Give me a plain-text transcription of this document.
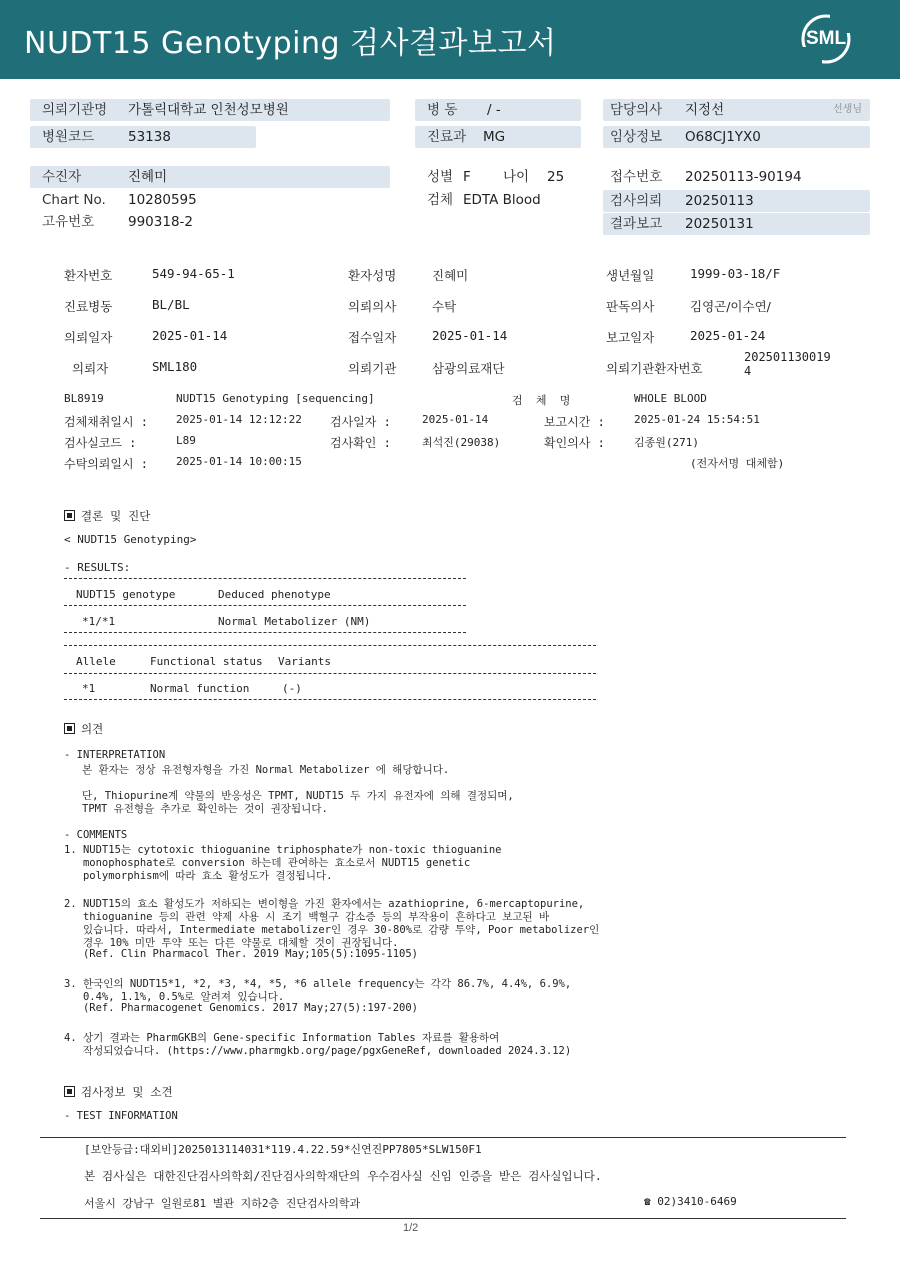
NUDT15 Genotyping 검사결과보고서	SML
의뢰기관명 가톨릭대학교 인천성모병원
병원코드	53138
병 동 / -
진료과 MG
담당의사 지정선	선생님
임상정보 O68CJ1YX0
수진자	진혜미
Chart No. 10280595
고유번호	990318-2
성별 F 나이 25
검체 EDTA Blood
접수번호 20250113-90194
검사의뢰 20250113
결과보고 20250131
환자번호	549-94-65-1	환자성명	진혜미	생년월일	1999-03-18/F
진료병동	BL/BL	의뢰의사	수탁	판독의사	김영곤/이수연/
의뢰일자	2025-01-14	접수일자	2025-01-14	보고일자	2025-01-24
의뢰자	SML180	의뢰기관	삼광의료재단	의뢰기관환자번호
202501130019
4
BL8919	NUDT15 Genotyping [sequencing]	검  체  명	WHOLE BLOOD
검체채취일시 :	2025-01-14 12:12:22 검사일자 :	2025-01-14	보고시간 :	2025-01-24 15:54:51
검사실코드 :	L89	검사확인 :	최석진(29038)	확인의사 :	김종원(271)
수탁의뢰일시 :	2025-01-14 10:00:15	(전자서명 대체함)
결론 및 진단
< NUDT15 Genotyping>
- RESULTS:
NUDT15 genotype	Deduced phenotype
*1/*1	Normal Metabolizer (NM)
Allele	Functional status Variants
*1	Normal function	(-)
의견
- INTERPRETATION
본 환자는 정상 유전형자형을 가진 Normal Metabolizer 에 해당합니다.
단, Thiopurine계 약물의 반응성은 TPMT, NUDT15 두 가지 유전자에 의해 결정되며,
TPMT 유전형을 추가로 확인하는 것이 권장됩니다.
- COMMENTS
1. NUDT15는 cytotoxic thioguanine triphosphate가 non-toxic thioguanine
monophosphate로 conversion 하는데 관여하는 효소로서 NUDT15 genetic
polymorphism에 따라 효소 활성도가 결정됩니다.
2. NUDT15의 효소 활성도가 저하되는 변이형을 가진 환자에서는 azathioprine, 6-mercaptopurine,
thioguanine 등의 관련 약제 사용 시 조기 백혈구 감소증 등의 부작용이 흔하다고 보고된 바
있습니다. 따라서, Intermediate metabolizer인 경우 30-80%로 감량 투약, Poor metabolizer인
경우 10% 미만 투약 또는 다른 약물로 대체할 것이 권장됩니다.
(Ref. Clin Pharmacol Ther. 2019 May;105(5):1095-1105)
3. 한국인의 NUDT15*1, *2, *3, *4, *5, *6 allele frequency는 각각 86.7%, 4.4%, 6.9%,
0.4%, 1.1%, 0.5%로 알려져 있습니다.
(Ref. Pharmacogenet Genomics. 2017 May;27(5):197-200)
4. 상기 결과는 PharmGKB의 Gene-specific Information Tables 자료를 활용하여
작성되었습니다. (https://www.pharmgkb.org/page/pgxGeneRef, downloaded 2024.3.12)
검사정보 및 소견
- TEST INFORMATION
[보안등급:대외비]2025013114031*119.4.22.59*신연진PP7805*SLW150F1
본 검사실은 대한진단검사의학회/진단검사의학재단의 우수검사실 신임 인증을 받은 검사실입니다.
서울시 강남구 일원로81 별관 지하2층 진단검사의학과	☎ 02)3410-6469
1/2
